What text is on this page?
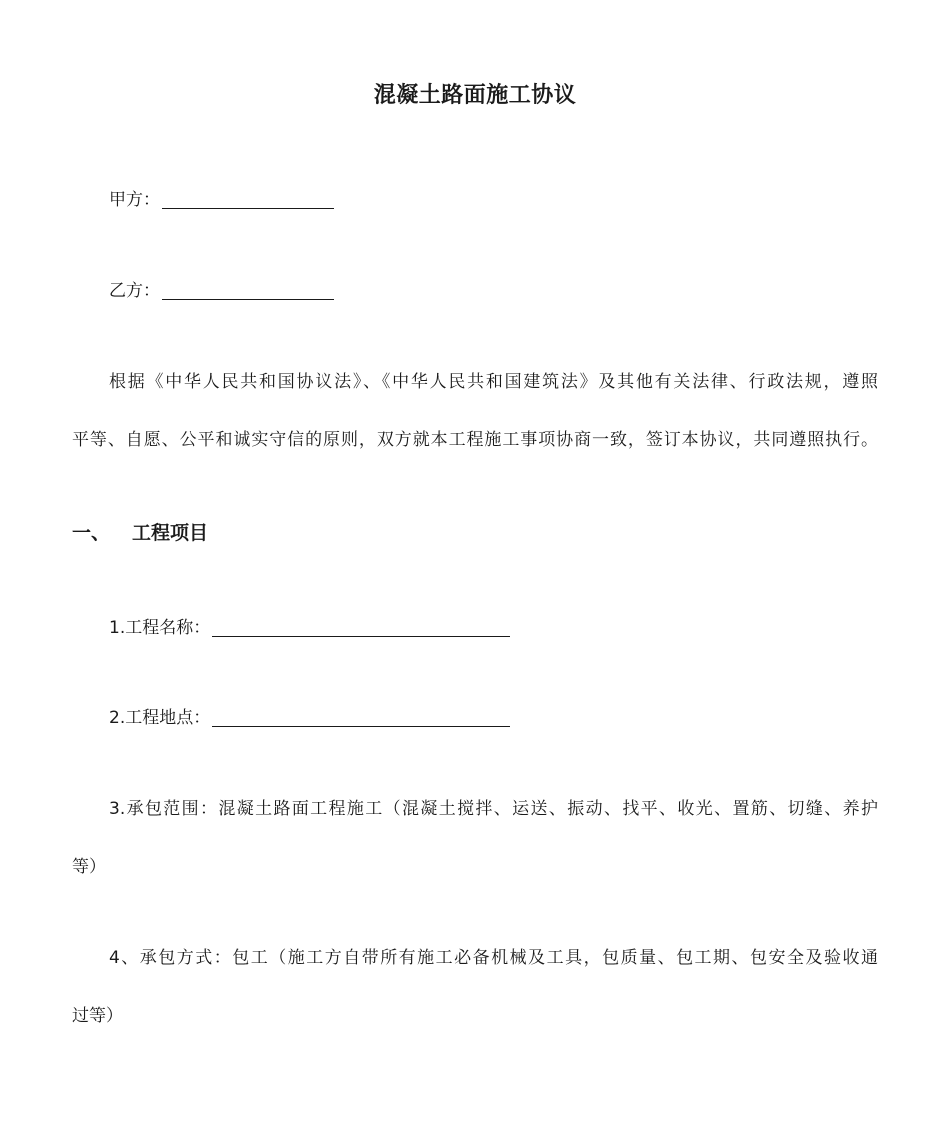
混凝土路面施工协议
甲方：
乙方：
根据《中华人民共和国协议法》、《中华人民共和国建筑法》及其他有关法律、行政法规，遵照
平等、自愿、公平和诚实守信的原则，双方就本工程施工事项协商一致，签订本协议，共同遵照执行。
一、 工程项目
1.工程名称：
2.工程地点：
3.承包范围：混凝土路面工程施工（混凝土搅拌、运送、振动、找平、收光、置筋、切缝、养护
等）
4、承包方式：包工（施工方自带所有施工必备机械及工具，包质量、包工期、包安全及验收通
过等）
